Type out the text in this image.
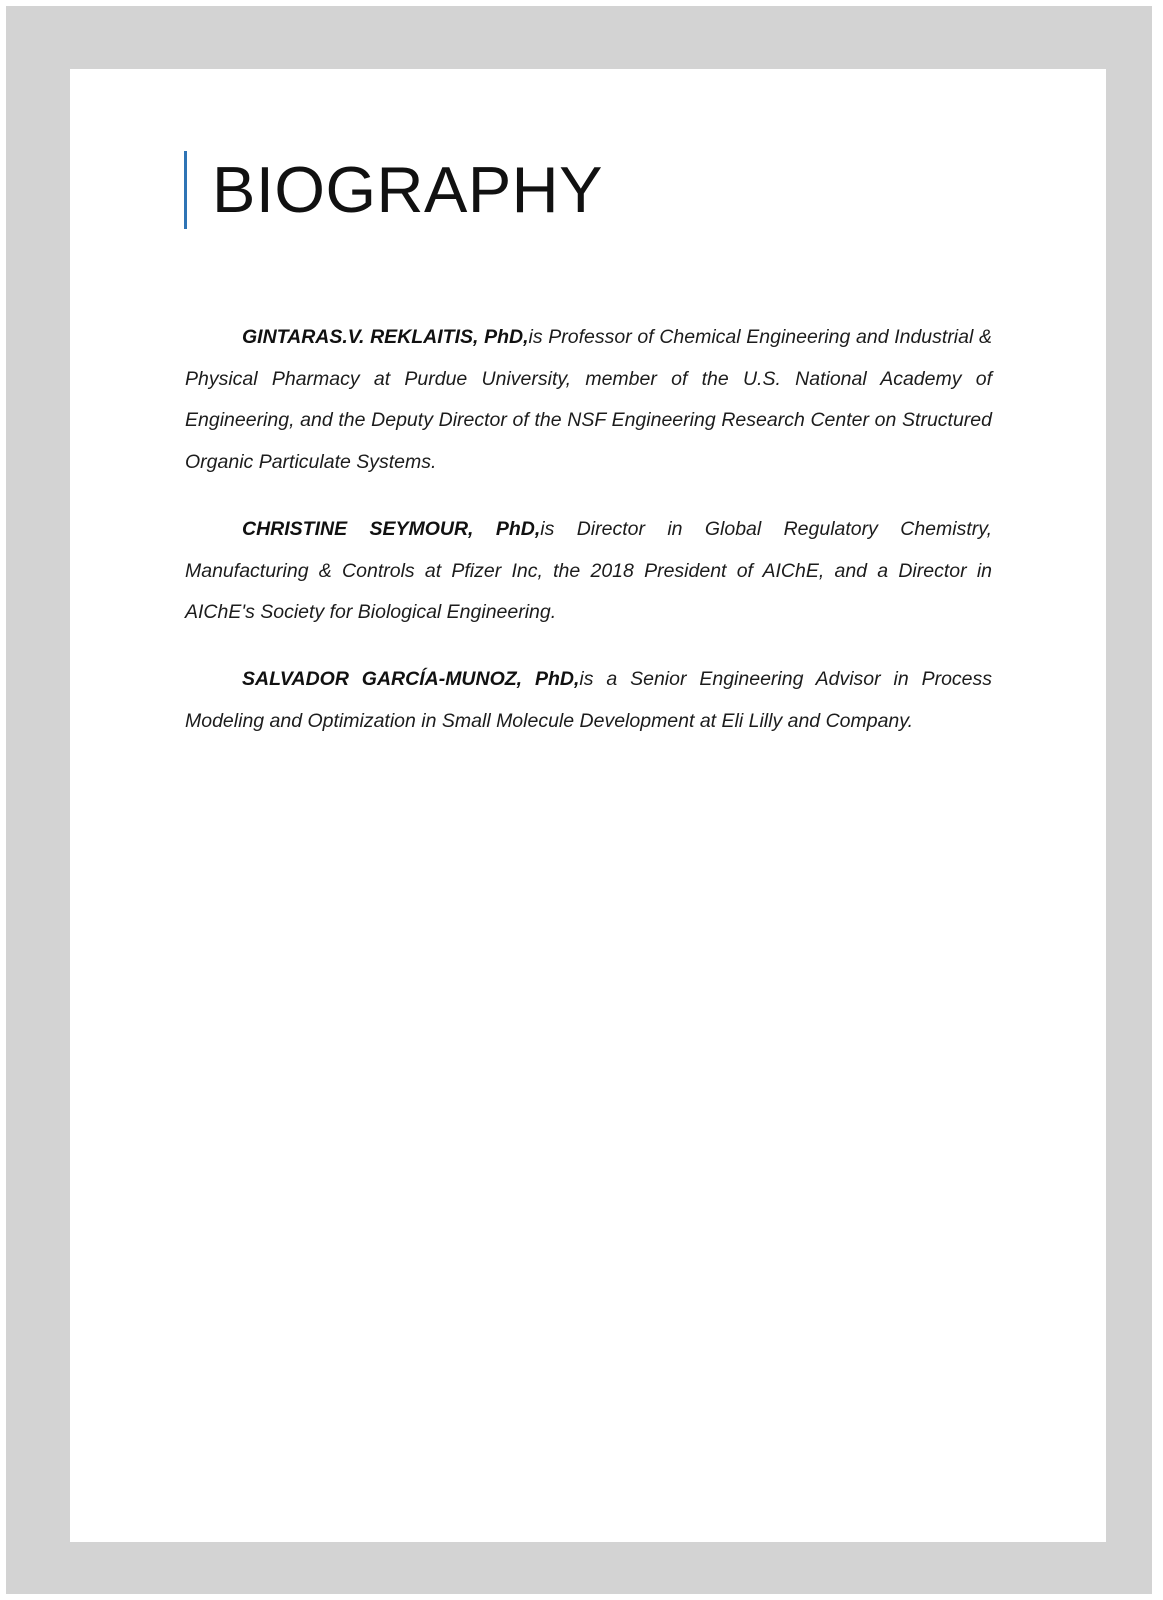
BIOGRAPHY

GINTARAS.V. REKLAITIS, PhD,is Professor of Chemical Engineering and Industrial & Physical Pharmacy at Purdue University, member of the U.S. National Academy of Engineering, and the Deputy Director of the NSF Engineering Research Center on Structured Organic Particulate Systems.

CHRISTINE SEYMOUR, PhD,is Director in Global Regulatory Chemistry, Manufacturing & Controls at Pfizer Inc, the 2018 President of AIChE, and a Director in AIChE's Society for Biological Engineering.

SALVADOR GARCÍA-MUNOZ, PhD,is a Senior Engineering Advisor in Process Modeling and Optimization in Small Molecule Development at Eli Lilly and Company.
